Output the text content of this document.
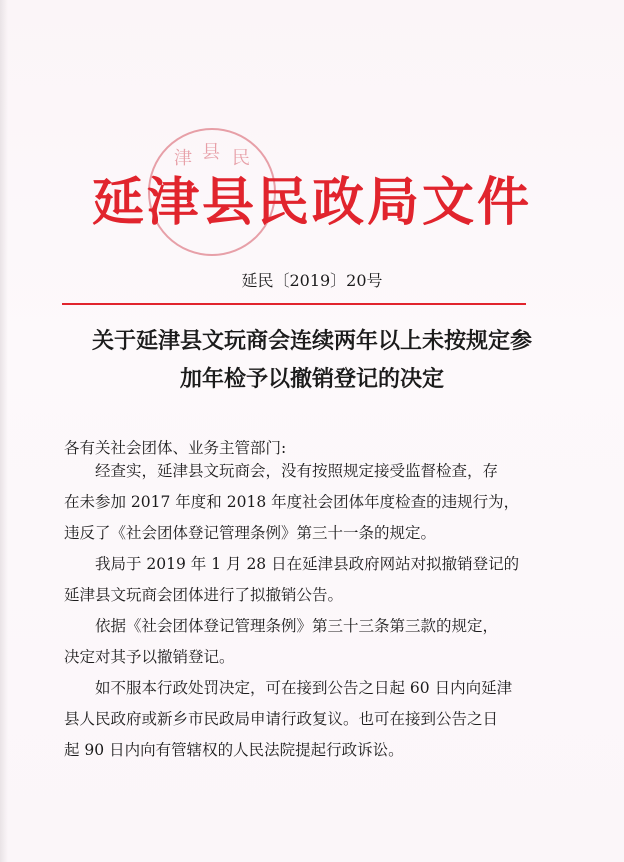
县
津 民
延津县民政局文件
延民〔2019〕20号
关于延津县文玩商会连续两年以上未按规定参
加年检予以撤销登记的决定
各有关社会团体、业务主管部门:
经查实，延津县文玩商会，没有按照规定接受监督检查，存
在未参加 2017 年度和 2018 年度社会团体年度检查的违规行为，
违反了《社会团体登记管理条例》第三十一条的规定。
我局于 2019 年 1 月 28 日在延津县政府网站对拟撤销登记的
延津县文玩商会团体进行了拟撤销公告。
依据《社会团体登记管理条例》第三十三条第三款的规定，
决定对其予以撤销登记。
如不服本行政处罚决定，可在接到公告之日起 60 日内向延津
县人民政府或新乡市民政局申请行政复议。也可在接到公告之日
起 90 日内向有管辖权的人民法院提起行政诉讼。
